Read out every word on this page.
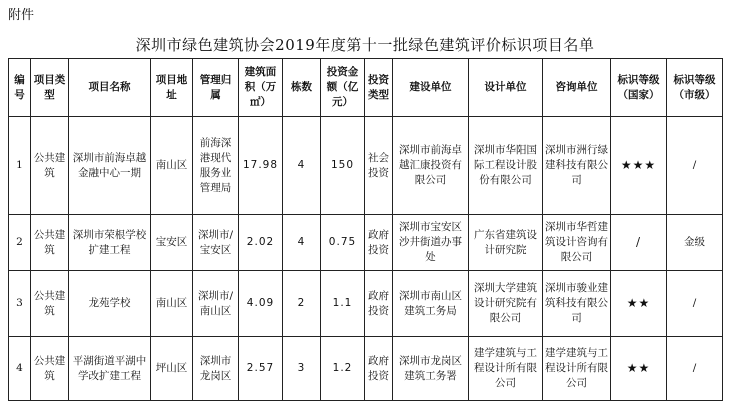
附件
深圳市绿色建筑协会2019年度第十一批绿色建筑评价标识项目名单
编号	项目类型	项目名称	项目地址	管理归属	建筑面积（万㎡）	栋数	投资金额（亿元）	投资类型	建设单位	设计单位	咨询单位	标识等级（国家）	标识等级（市级）
1	公共建筑	深圳市前海卓越金融中心一期	南山区	前海深港现代服务业管理局	17.98	4	150	社会投资	深圳市前海卓越汇康投资有限公司	深圳市华阳国际工程设计股份有限公司	深圳市洲行绿建科技有限公司	★★★	/
2	公共建筑	深圳市荣根学校扩建工程	宝安区	深圳市/宝安区	2.02	4	0.75	政府投资	深圳市宝安区沙井街道办事处	广东省建筑设计研究院	深圳市华哲建筑设计咨询有限公司	/	金级
3	公共建筑	龙苑学校	南山区	深圳市/南山区	4.09	2	1.1	政府投资	深圳市南山区建筑工务局	深圳大学建筑设计研究院有限公司	深圳市骏业建筑科技有限公司	★★	/
4	公共建筑	平湖街道平湖中学改扩建工程	坪山区	深圳市龙岗区	2.57	3	1.2	政府投资	深圳市龙岗区建筑工务署	建学建筑与工程设计所有限公司	建学建筑与工程设计所有限公司	★★	/
